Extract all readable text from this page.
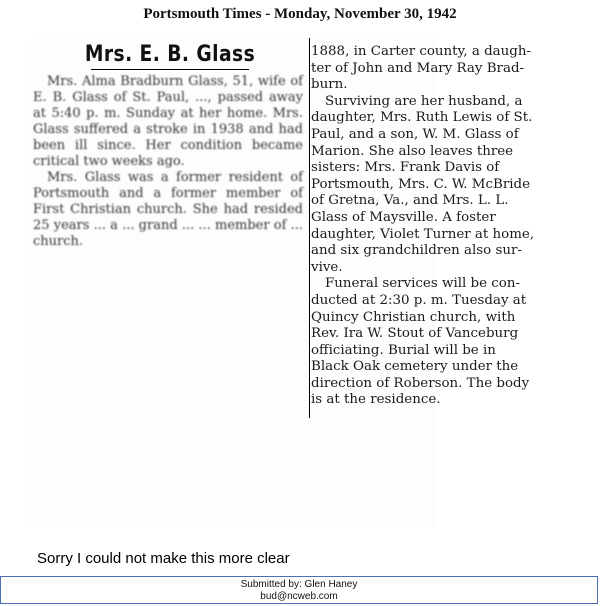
Portsmouth Times - Monday, November 30, 1942
Mrs. E. B. Glass

Mrs. Alma Bradburn Glass, 51, wife of E. B. Glass of St. Paul, ..., passed away at 5:40 p. m. Sunday at her home. Mrs. Glass suffered a stroke in 1938 and had been ill since. Her condition became critical two weeks ago.

Mrs. Glass was a former resident of Portsmouth and a former member of First Christian church. She had resided 25 years ... a ... grand ... ... member of ... church.

1888, in Carter county, a daugh-
ter of John and Mary Ray Brad-
burn.
Surviving are her husband, a
daughter, Mrs. Ruth Lewis of St.
Paul, and a son, W. M. Glass of
Marion. She also leaves three
sisters: Mrs. Frank Davis of
Portsmouth, Mrs. C. W. McBride
of Gretna, Va., and Mrs. L. L.
Glass of Maysville. A foster
daughter, Violet Turner at home,
and six grandchildren also sur-
vive.
Funeral services will be con-
ducted at 2:30 p. m. Tuesday at
Quincy Christian church, with
Rev. Ira W. Stout of Vanceburg
officiating. Burial will be in
Black Oak cemetery under the
direction of Roberson. The body
is at the residence.
Sorry I could not make this more clear
Submitted by: Glen Haney
bud@ncweb.com
